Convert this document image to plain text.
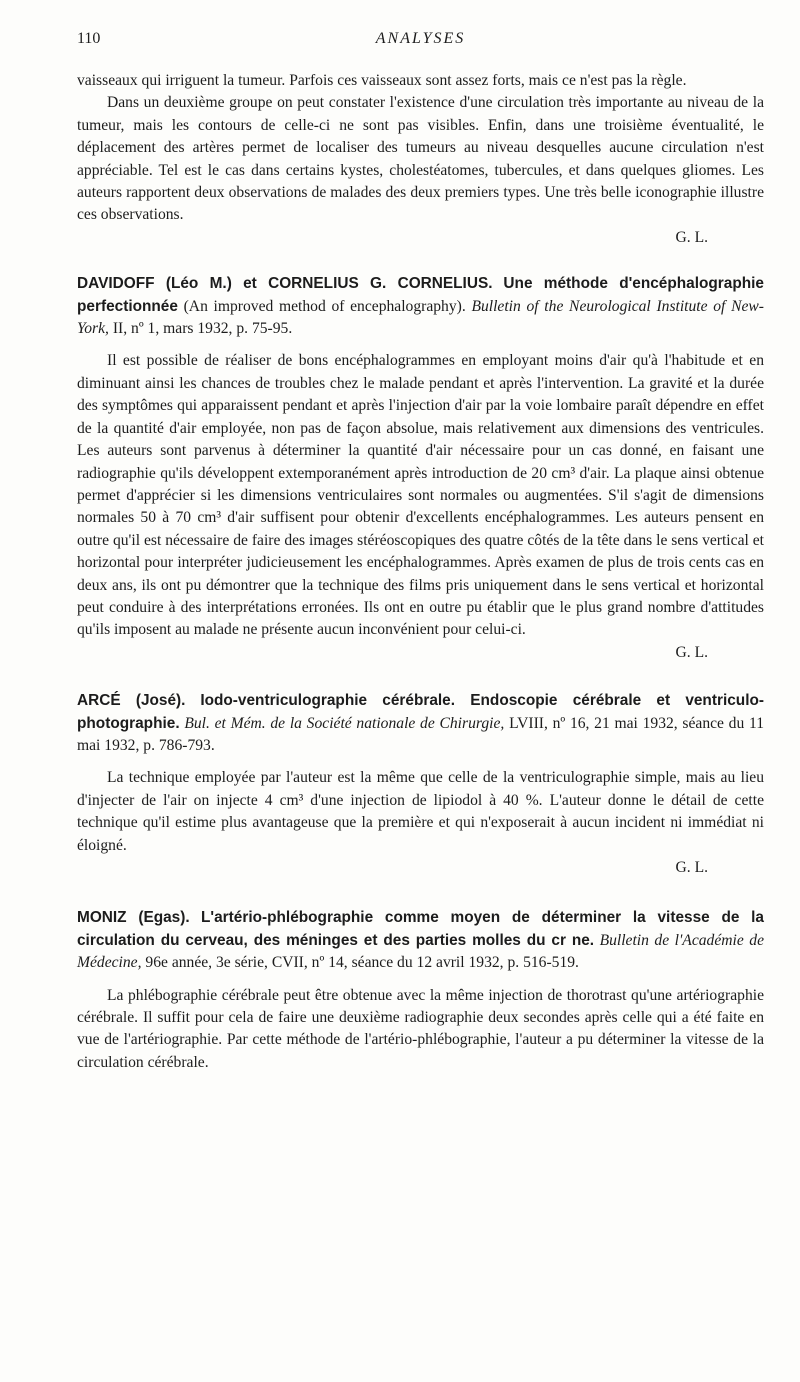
110	ANALYSES

vaisseaux qui irriguent la tumeur. Parfois ces vaisseaux sont assez forts, mais ce n'est pas la règle.

Dans un deuxième groupe on peut constater l'existence d'une circulation très importante au niveau de la tumeur, mais les contours de celle-ci ne sont pas visibles. Enfin, dans une troisième éventualité, le déplacement des artères permet de localiser des tumeurs au niveau desquelles aucune circulation n'est appréciable. Tel est le cas dans certains kystes, cholestéatomes, tubercules, et dans quelques gliomes. Les auteurs rapportent deux observations de malades des deux premiers types. Une très belle iconographie illustre ces observations.

G. L.

DAVIDOFF (Léo M.) et CORNELIUS G. CORNELIUS. Une méthode d'encéphalographie perfectionnée (An improved method of encephalography). Bulletin of the Neurological Institute of New-York, II, nº 1, mars 1932, p. 75-95.

Il est possible de réaliser de bons encéphalogrammes en employant moins d'air qu'à l'habitude et en diminuant ainsi les chances de troubles chez le malade pendant et après l'intervention. La gravité et la durée des symptômes qui apparaissent pendant et après l'injection d'air par la voie lombaire paraît dépendre en effet de la quantité d'air employée, non pas de façon absolue, mais relativement aux dimensions des ventricules. Les auteurs sont parvenus à déterminer la quantité d'air nécessaire pour un cas donné, en faisant une radiographie qu'ils développent extemporanément après introduction de 20 cm³ d'air. La plaque ainsi obtenue permet d'apprécier si les dimensions ventriculaires sont normales ou augmentées. S'il s'agit de dimensions normales 50 à 70 cm³ d'air suffisent pour obtenir d'excellents encéphalogrammes. Les auteurs pensent en outre qu'il est nécessaire de faire des images stéréoscopiques des quatre côtés de la tête dans le sens vertical et horizontal pour interpréter judicieusement les encéphalogrammes. Après examen de plus de trois cents cas en deux ans, ils ont pu démontrer que la technique des films pris uniquement dans le sens vertical et horizontal peut conduire à des interprétations erronées. Ils ont en outre pu établir que le plus grand nombre d'attitudes qu'ils imposent au malade ne présente aucun inconvénient pour celui-ci.

G. L.

ARCÉ (José). Iodo-ventriculographie cérébrale. Endoscopie cérébrale et ventriculo-photographie. Bul. et Mém. de la Société nationale de Chirurgie, LVIII, nº 16, 21 mai 1932, séance du 11 mai 1932, p. 786-793.

La technique employée par l'auteur est la même que celle de la ventriculographie simple, mais au lieu d'injecter de l'air on injecte 4 cm³ d'une injection de lipiodol à 40 %. L'auteur donne le détail de cette technique qu'il estime plus avantageuse que la première et qui n'exposerait à aucun incident ni immédiat ni éloigné.

G. L.

MONIZ (Egas). L'artério-phlébographie comme moyen de déterminer la vitesse de la circulation du cerveau, des méninges et des parties molles du cr ne. Bulletin de l'Académie de Médecine, 96e année, 3e série, CVII, nº 14, séance du 12 avril 1932, p. 516-519.

La phlébographie cérébrale peut être obtenue avec la même injection de thorotrast qu'une artériographie cérébrale. Il suffit pour cela de faire une deuxième radiographie deux secondes après celle qui a été faite en vue de l'artériographie. Par cette méthode de l'artério-phlébographie, l'auteur a pu déterminer la vitesse de la circulation cérébrale.
